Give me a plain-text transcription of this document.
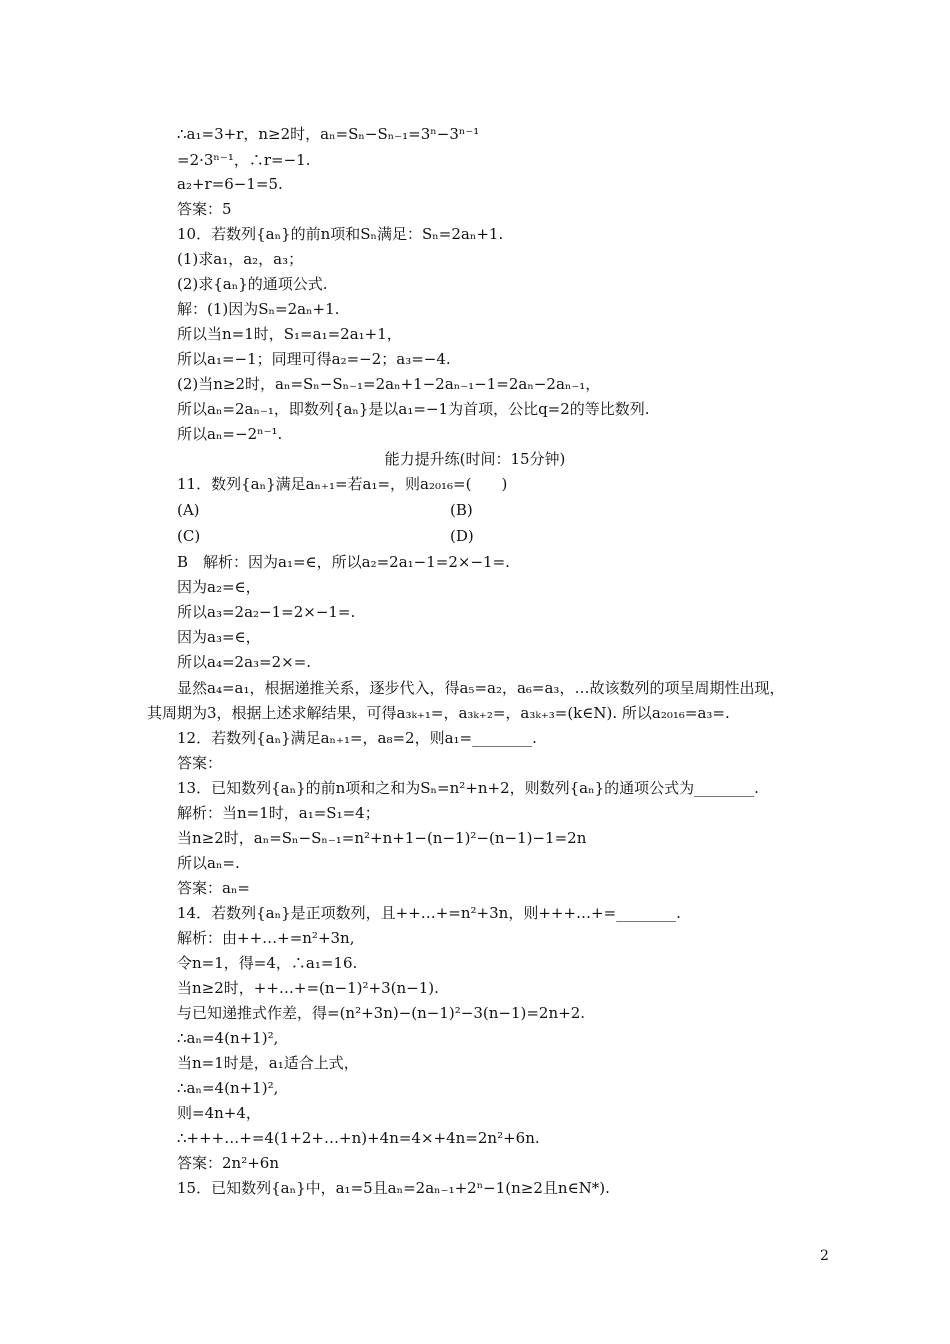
∴a₁=3+r，n≥2时，aₙ=Sₙ−Sₙ₋₁=3ⁿ−3ⁿ⁻¹
=2·3ⁿ⁻¹，∴r=−1.
a₂+r=6−1=5.
答案：5
10．若数列{aₙ}的前n项和Sₙ满足：Sₙ=2aₙ+1.
(1)求a₁，a₂，a₃；
(2)求{aₙ}的通项公式.
解：(1)因为Sₙ=2aₙ+1.
所以当n=1时，S₁=a₁=2a₁+1，
所以a₁=−1；同理可得a₂=−2；a₃=−4.
(2)当n≥2时，aₙ=Sₙ−Sₙ₋₁=2aₙ+1−2aₙ₋₁−1=2aₙ−2aₙ₋₁，
所以aₙ=2aₙ₋₁，即数列{aₙ}是以a₁=−1为首项，公比q=2的等比数列.
所以aₙ=−2ⁿ⁻¹.
能力提升练(时间：15分钟)
11．数列{aₙ}满足aₙ₊₁=若a₁=，则a₂₀₁₆=(　　)
(A)	(B)
(C)	(D)
B　解析：因为a₁=∈，所以a₂=2a₁−1=2×−1=.
因为a₂=∈，
所以a₃=2a₂−1=2×−1=.
因为a₃=∈，
所以a₄=2a₃=2×=.
显然a₄=a₁，根据递推关系，逐步代入，得a₅=a₂，a₆=a₃，…故该数列的项呈周期性出现，
其周期为3，根据上述求解结果，可得a₃ₖ₊₁=，a₃ₖ₊₂=，a₃ₖ₊₃=(k∈N). 所以a₂₀₁₆=a₃=.
12．若数列{aₙ}满足aₙ₊₁=，a₈=2，则a₁=________.
答案：
13．已知数列{aₙ}的前n项和之和为Sₙ=n²+n+2，则数列{aₙ}的通项公式为________.
解析：当n=1时，a₁=S₁=4；
当n≥2时，aₙ=Sₙ−Sₙ₋₁=n²+n+1−(n−1)²−(n−1)−1=2n
所以aₙ=.
答案：aₙ=
14．若数列{aₙ}是正项数列，且++…+=n²+3n，则+++…+=________.
解析：由++…+=n²+3n,
令n=1，得=4，∴a₁=16.
当n≥2时，++…+=(n−1)²+3(n−1).
与已知递推式作差，得=(n²+3n)−(n−1)²−3(n−1)=2n+2.
∴aₙ=4(n+1)²,
当n=1时是，a₁适合上式，
∴aₙ=4(n+1)²,
则=4n+4，
∴+++…+=4(1+2+…+n)+4n=4×+4n=2n²+6n.
答案：2n²+6n
15．已知数列{aₙ}中，a₁=5且aₙ=2aₙ₋₁+2ⁿ−1(n≥2且n∈N*).
2
